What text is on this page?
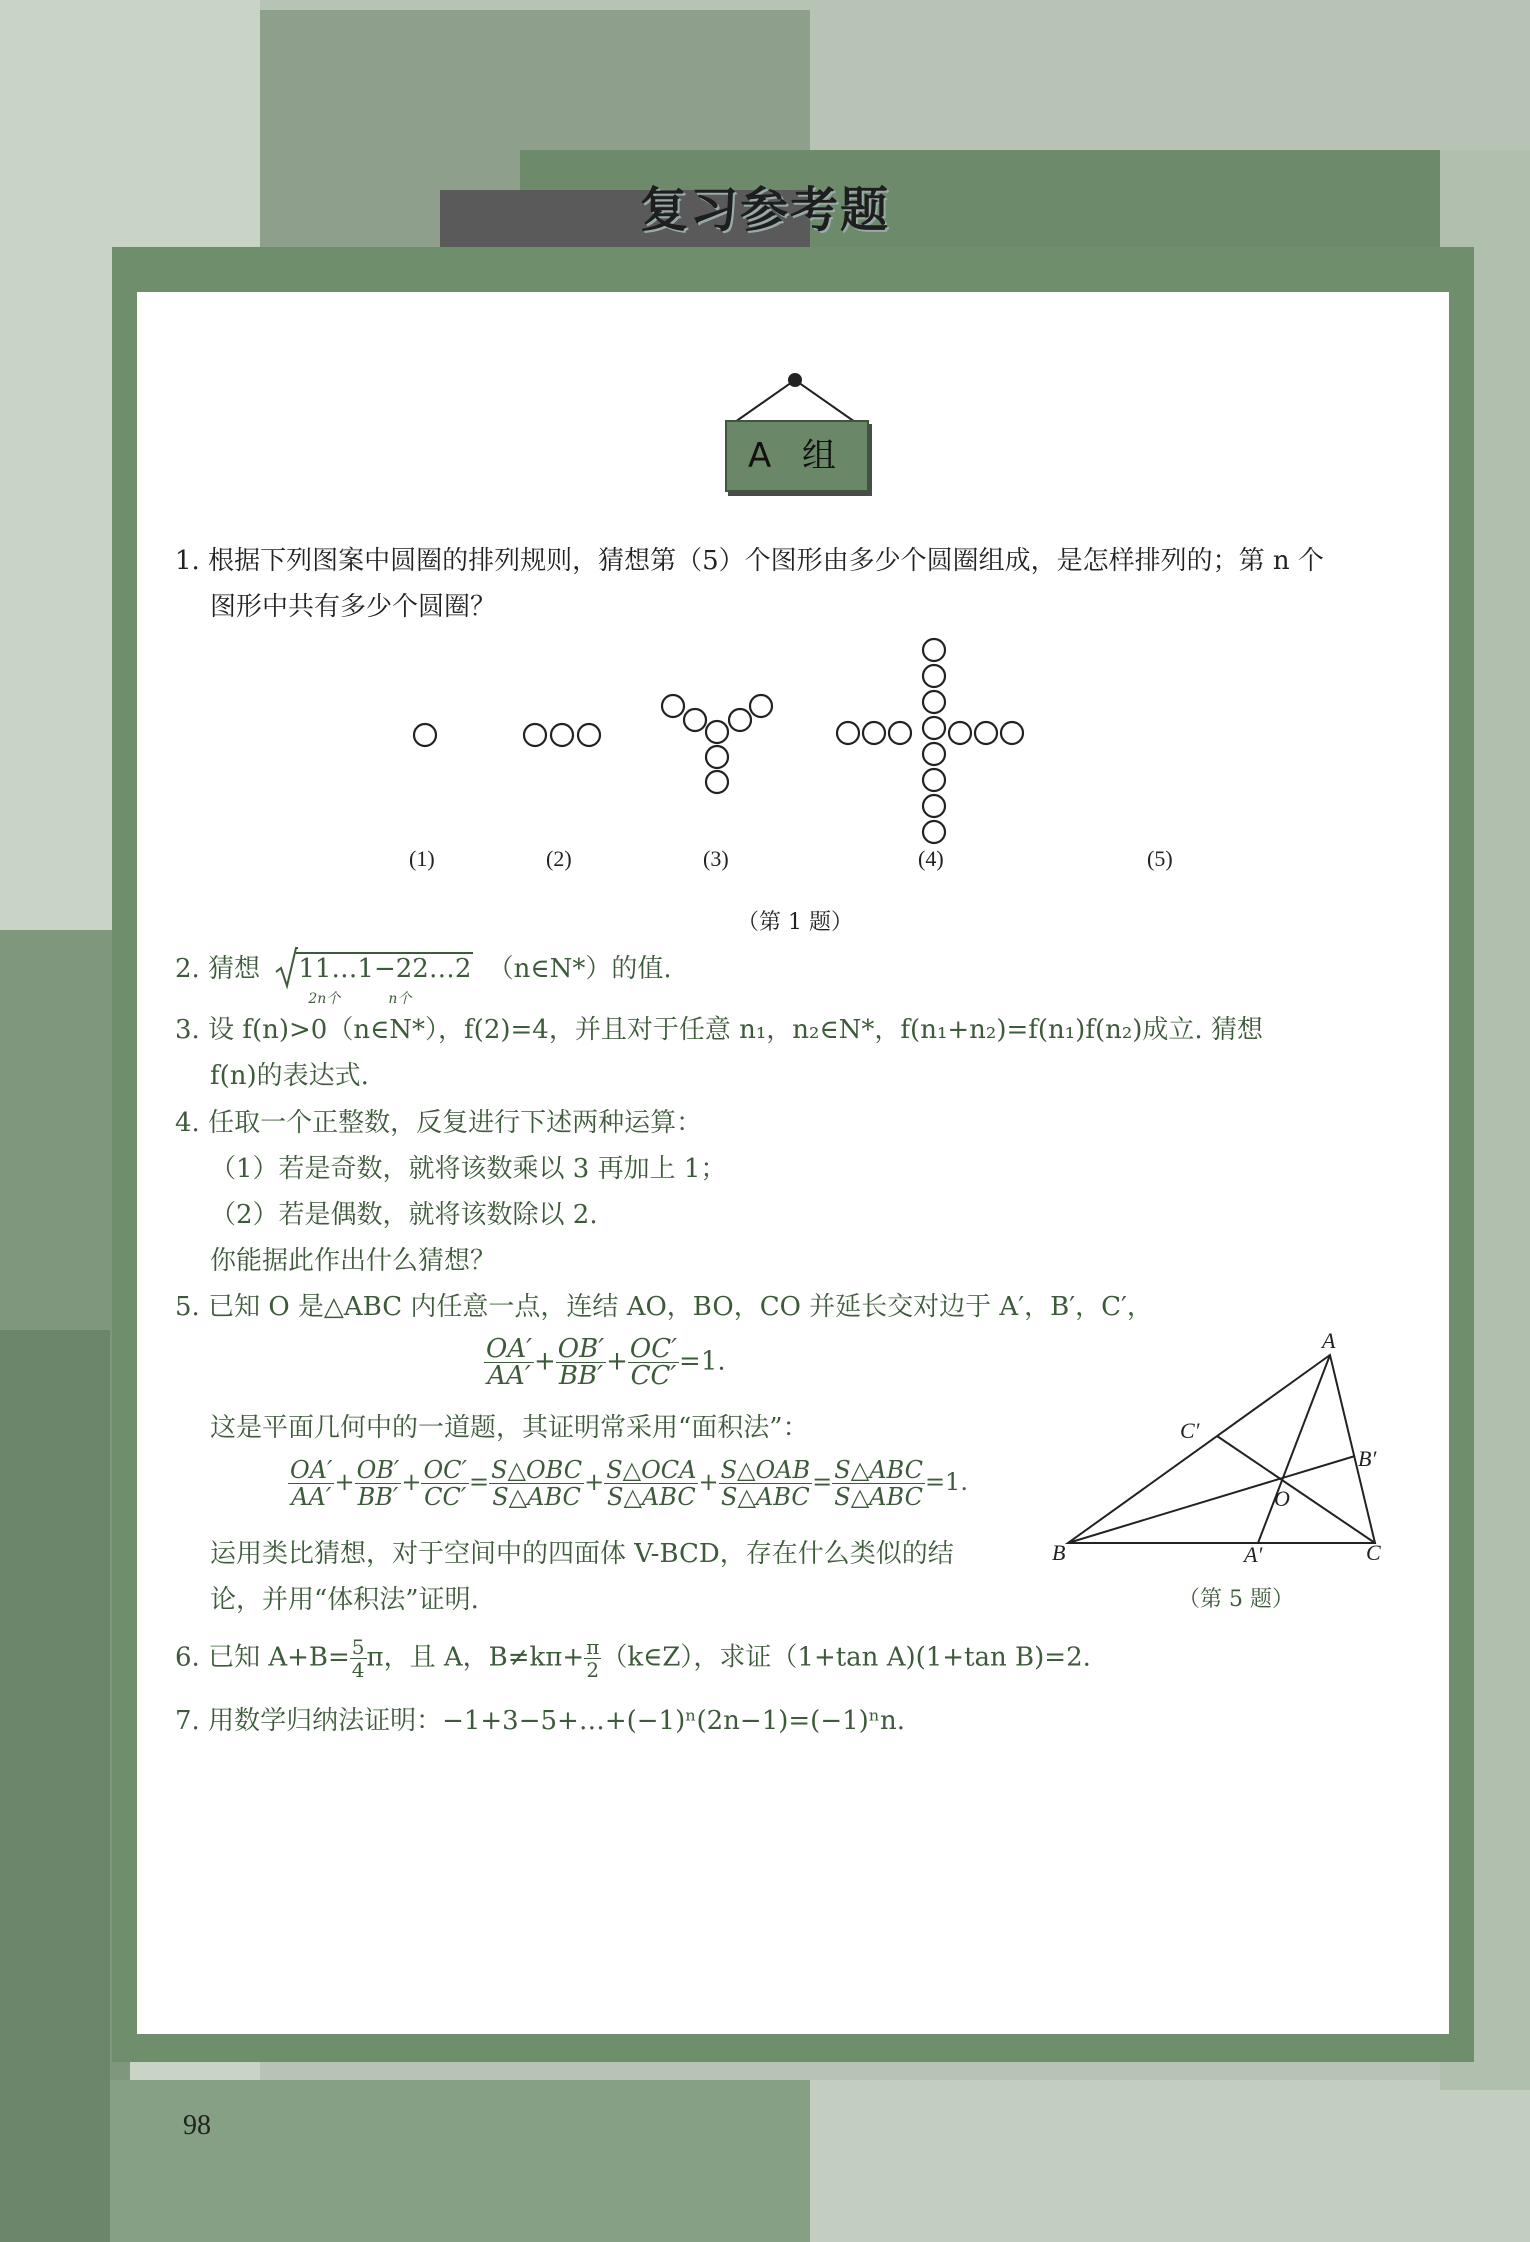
复习参考题
A 组
1. 根据下列图案中圆圈的排列规则，猜想第（5）个图形由多少个圆圈组成，是怎样排列的；第 n 个
图形中共有多少个圆圈？
(1)	(2)	(3)	(4)	(5)
（第 1 题）
2. 猜想 11…1−22…2
2n个	n个
（n∈N*）的值.
3. 设 f(n)>0（n∈N*），f(2)=4，并且对于任意 n₁，n₂∈N*，f(n₁+n₂)=f(n₁)f(n₂)成立. 猜想
f(n)的表达式.
4. 任取一个正整数，反复进行下述两种运算：
（1）若是奇数，就将该数乘以 3 再加上 1；
（2）若是偶数，就将该数除以 2.
你能据此作出什么猜想？
5. 已知 O 是△ABC 内任意一点，连结 AO，BO，CO 并延长交对边于 A′，B′，C′，
$\frac{OA'}{AA'} + \frac{OB'}{BB'} + \frac{OC'}{CC'} =1$.
这是平面几何中的一道题，其证明常采用“面积法”：
$\frac{OA'}{AA'} + \frac{OB'}{BB'} + \frac{OC'}{CC'} = \frac{\text{S△OBC}}{\text{S△ABC}} + \frac{\text{S△OCA}}{\text{S△ABC}} + \frac{\text{S△OAB}}{\text{S△ABC}} = \frac{\text{S△ABC}}{\text{S△ABC}} =1$.
运用类比猜想，对于空间中的四面体 V-BCD，存在什么类似的结
论，并用“体积法”证明.
A
B	C
O
A′
B′
C′
（第 5 题）
6. 已知 $A+B= \frac{5}{4}$ π，且 A，$B\ne k\pi+ \frac{\pi}{2}$ （k∈Z），求证（1+tan A)(1+tan B)=2.
7. 用数学归纳法证明：−1+3−5+…+(−1)ⁿ(2n−1)=(−1)ⁿn.
98
